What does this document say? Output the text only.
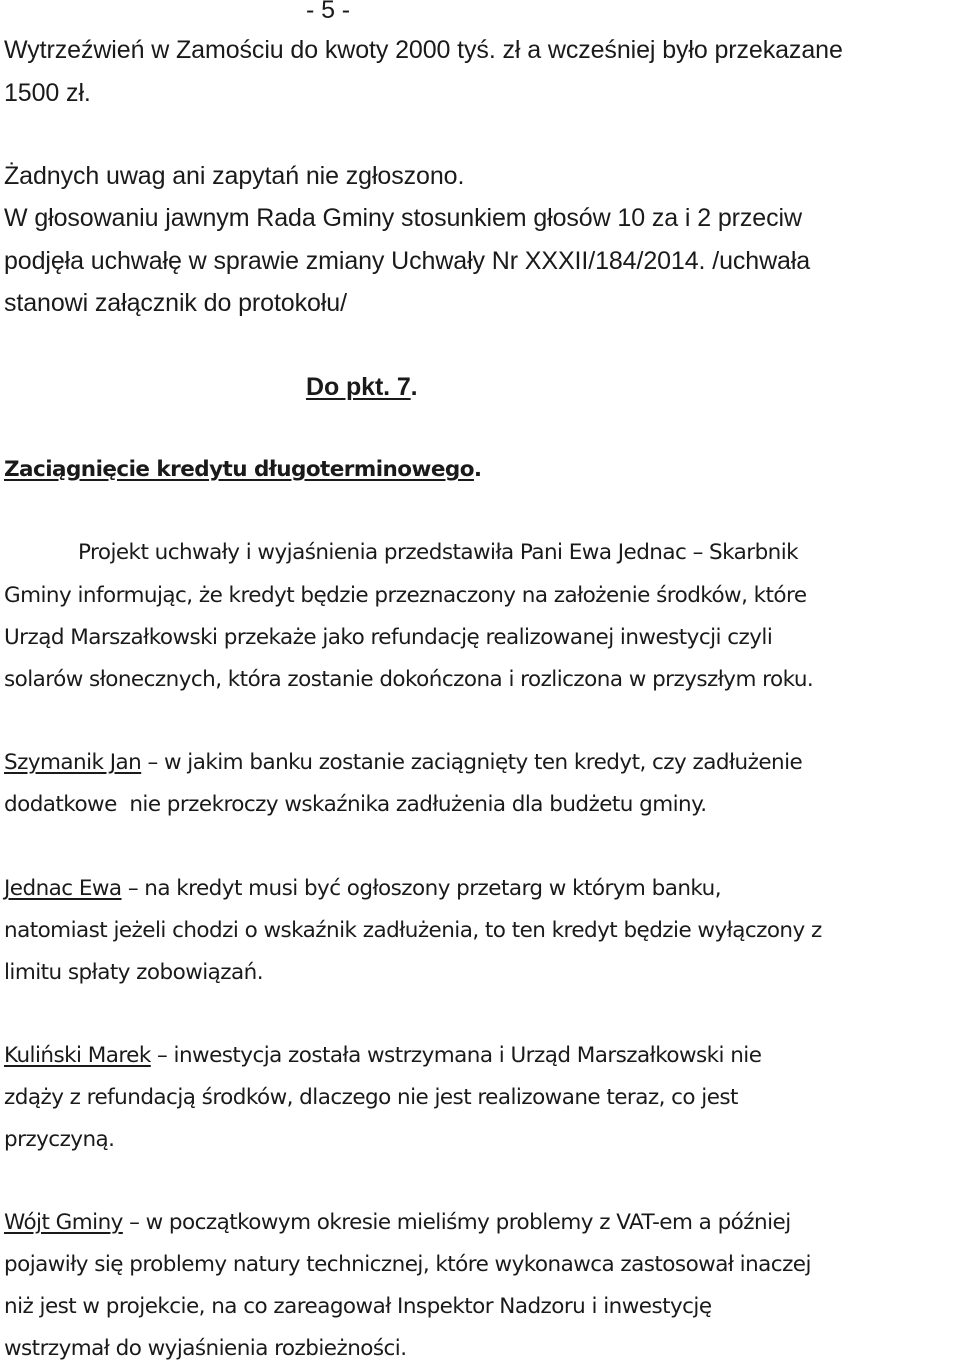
- 5 -
Wytrzeźwień w Zamościu do kwoty 2000 tyś. zł a wcześniej było przekazane
1500 zł.
Żadnych uwag ani zapytań nie zgłoszono.
W głosowaniu jawnym Rada Gminy stosunkiem głosów 10 za i 2 przeciw
podjęła uchwałę w sprawie zmiany Uchwały Nr XXXII/184/2014. /uchwała
stanowi załącznik do protokołu/
Do pkt. 7.
Zaciągnięcie kredytu długoterminowego.
Projekt uchwały i wyjaśnienia przedstawiła Pani Ewa Jednac – Skarbnik
Gminy informując, że kredyt będzie przeznaczony na założenie środków, które
Urząd Marszałkowski przekaże jako refundację realizowanej inwestycji czyli
solarów słonecznych, która zostanie dokończona i rozliczona w przyszłym roku.
Szymanik Jan – w jakim banku zostanie zaciągnięty ten kredyt, czy zadłużenie
dodatkowe  nie przekroczy wskaźnika zadłużenia dla budżetu gminy.
Jednac Ewa – na kredyt musi być ogłoszony przetarg w którym banku,
natomiast jeżeli chodzi o wskaźnik zadłużenia, to ten kredyt będzie wyłączony z
limitu spłaty zobowiązań.
Kuliński Marek – inwestycja została wstrzymana i Urząd Marszałkowski nie
zdąży z refundacją środków, dlaczego nie jest realizowane teraz, co jest
przyczyną.
Wójt Gminy – w początkowym okresie mieliśmy problemy z VAT-em a później
pojawiły się problemy natury technicznej, które wykonawca zastosował inaczej
niż jest w projekcie, na co zareagował Inspektor Nadzoru i inwestycję
wstrzymał do wyjaśnienia rozbieżności.
